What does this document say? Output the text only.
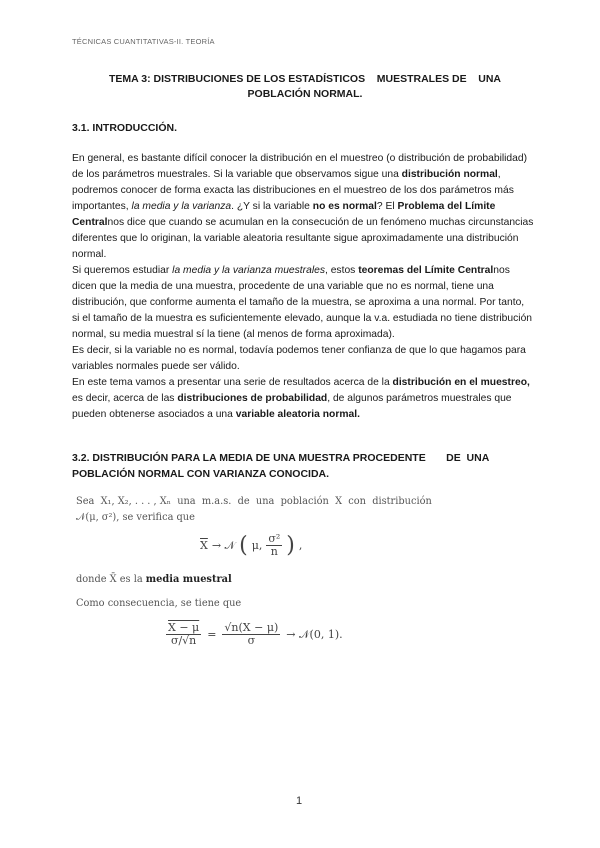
TÉCNICAS CUANTITATIVAS-II. TEORÍA
TEMA 3: DISTRIBUCIONES DE LOS ESTADÍSTICOS    MUESTRALES DE    UNA
POBLACIÓN NORMAL.
3.1. INTRODUCCIÓN.

En general, es bastante difícil conocer la distribución en el muestreo (o distribución de probabilidad) de los parámetros muestrales. Si la variable que observamos sigue una distribución normal, podremos conocer de forma exacta las distribuciones en el muestreo de los dos parámetros más importantes, la media y la varianza. ¿Y si la variable no es normal? El Problema del Límite Centralnos dice que cuando se acumulan en la consecución de un fenómeno muchas circunstancias diferentes que lo originan, la variable aleatoria resultante sigue aproximadamente una distribución normal.

Si queremos estudiar la media y la varianza muestrales, estos teoremas del Límite Centralnos dicen que la media de una muestra, procedente de una variable que no es normal, tiene una distribución, que conforme aumenta el tamaño de la muestra, se aproxima a una normal. Por tanto, si el tamaño de la muestra es suficientemente elevado, aunque la v.a. estudiada no tiene distribución normal, su media muestral sí la tiene (al menos de forma aproximada).

Es decir, si la variable no es normal, todavía podemos tener confianza de que lo que hagamos para variables normales puede ser válido.

En este tema vamos a presentar una serie de resultados acerca de la distribución en el muestreo, es decir, acerca de las distribuciones de probabilidad, de algunos parámetros muestrales que pueden obtenerse asociados a una variable aleatoria normal.

3.2. DISTRIBUCIÓN PARA LA MEDIA DE UNA MUESTRA PROCEDENTE       DE  UNA
POBLACIÓN NORMAL CON VARIANZA CONOCIDA.
Sea  X₁, X₂, . . . , Xₙ  una  m.a.s.  de  una  población  X  con  distribución
𝒩(μ, σ²), se verifica que
$\overline{X}$ → 𝒩 ( μ, $\frac{\text{σ²}}{n}$ ) ,
donde X̄ es la media muestral
Como consecuencia, se tiene que
$\frac{X - \mu}{\sigma/√n} = \frac{√n(X - \mu)}{\sigma}$ → 𝒩(0, 1).
1
